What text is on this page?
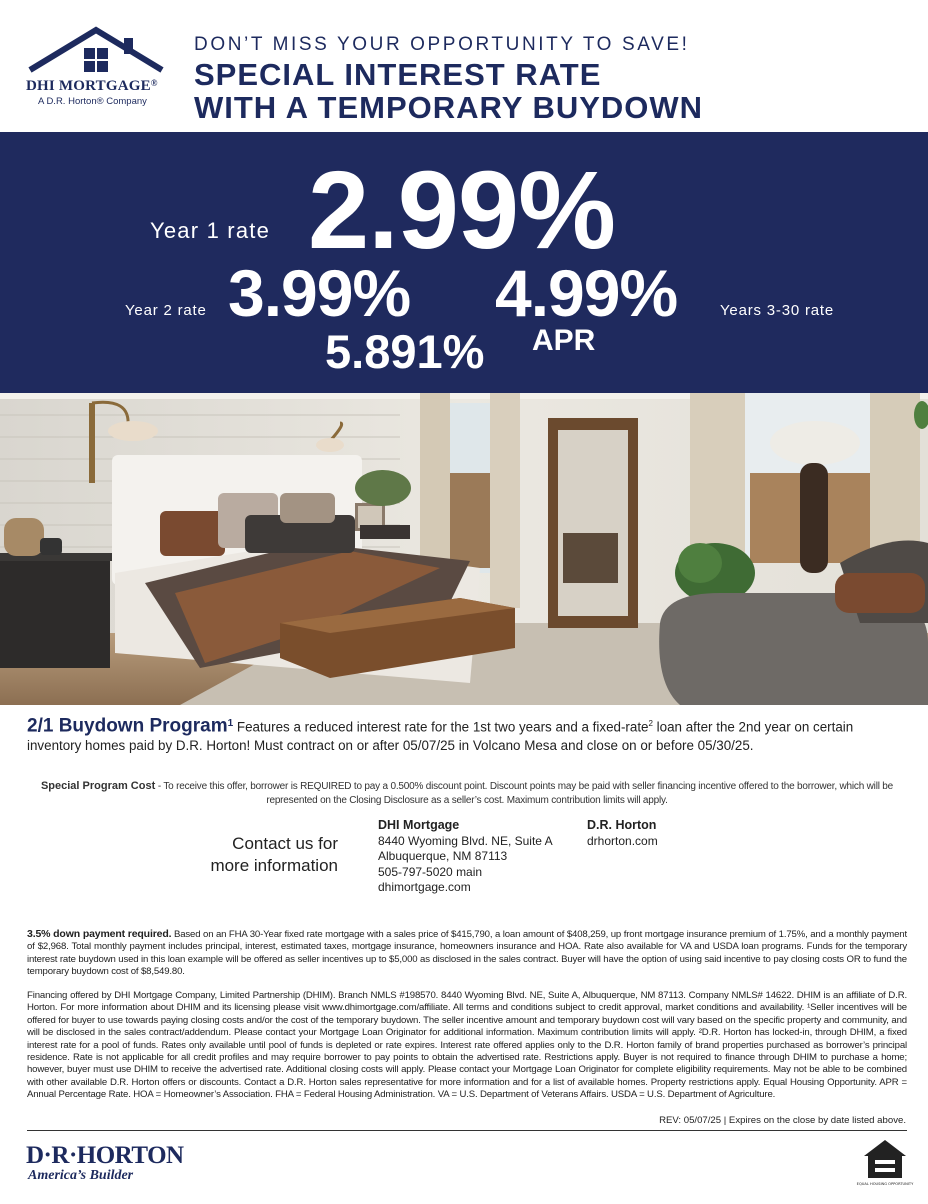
DHI MORTGAGE®
A D.R. Horton® Company
DON’T MISS YOUR OPPORTUNITY TO SAVE!
SPECIAL INTEREST RATE
WITH A TEMPORARY BUYDOWN
Year 1 rate 2.99%
Year 2 rate 3.99% 4.99%	Years 3-30 rate
5.891% APR
2/1 Buydown Program$^1$ Features a reduced interest rate for the 1st two years and a fixed-rate$^2$ loan after the 2nd year on certain inventory homes paid by D.R. Horton! Must contract on or after 05/07/25 in Volcano Mesa and close on or before 05/30/25.
Special Program Cost - To receive this offer, borrower is REQUIRED to pay a 0.500% discount point. Discount points may be paid with seller financing incentive offered to the borrower, which will be represented on the Closing Disclosure as a seller’s cost. Maximum contribution limits will apply.
Contact us for
more information
DHI Mortgage
8440 Wyoming Blvd. NE, Suite A
Albuquerque, NM 87113
505-797-5020 main
dhimortgage.com
D.R. Horton
drhorton.com
3.5% down payment required. Based on an FHA 30-Year fixed rate mortgage with a sales price of $415,790, a loan amount of $408,259, up front mortgage insurance premium of 1.75%, and a monthly payment of $2,968. Total monthly payment includes principal, interest, estimated taxes, mortgage insurance, homeowners insurance and HOA. Rate also available for VA and USDA loan programs. Funds for the temporary interest rate buydown used in this loan example will be offered as seller incentives up to $5,000 as disclosed in the sales contract. Buyer will have the option of using said incentive to pay closing costs OR to fund the temporary buydown cost of $8,549.80.
Financing offered by DHI Mortgage Company, Limited Partnership (DHIM). Branch NMLS #198570. 8440 Wyoming Blvd. NE, Suite A, Albuquerque, NM 87113. Company NMLS# 14622. DHIM is an affiliate of D.R. Horton. For more information about DHIM and its licensing please visit www.dhimortgage.com/affiliate. All terms and conditions subject to credit approval, market conditions and availability. ¹Seller incentives will be offered for buyer to use towards paying closing costs and/or the cost of the temporary buydown. The seller incentive amount and temporary buydown cost will vary based on the specific property and community, and will be disclosed in the sales contract/addendum. Please contact your Mortgage Loan Originator for additional information. Maximum contribution limits will apply. ²D.R. Horton has locked-in, through DHIM, a fixed interest rate for a pool of funds. Rates only available until pool of funds is depleted or rate expires. Interest rate offered applies only to the D.R. Horton family of brand properties purchased as borrower’s principal residence. Rate is not applicable for all credit profiles and may require borrower to pay points to obtain the advertised rate. Restrictions apply. Buyer is not required to finance through DHIM to purchase a home; however, buyer must use DHIM to receive the advertised rate. Additional closing costs will apply. Please contact your Mortgage Loan Originator for complete eligibility requirements. May not be able to be combined with other available D.R. Horton offers or discounts. Contact a D.R. Horton sales representative for more information and for a list of available homes. Property restrictions apply. Equal Housing Opportunity. APR = Annual Percentage Rate. HOA = Homeowner’s Association. FHA = Federal Housing Administration. VA = U.S. Department of Veterans Affairs. USDA = U.S. Department of Agriculture.
REV: 05/07/25 | Expires on the close by date listed above.
D·R·HORTON
America’s Builder
EQUAL HOUSING OPPORTUNITY
